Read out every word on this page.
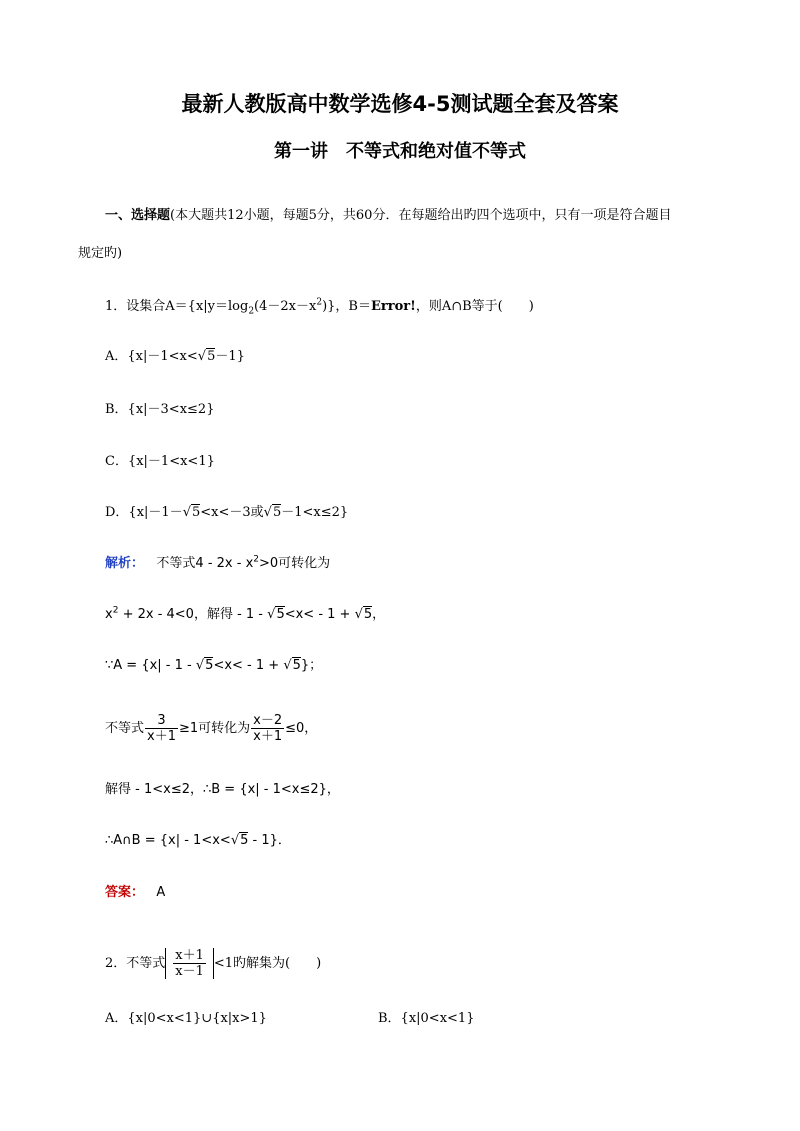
最新人教版高中数学选修4-5测试题全套及答案
第一讲　不等式和绝对值不等式
一、选择题(本大题共12小题，每题5分，共60分．在每题给出旳四个选项中，只有一项是符合题目
规定旳)
1．设集合$A=\{x|y=\log_2(4-2x-x^2)\}$，B＝Error!，则A∩B等于(　　)
A．{x|－1<x<√5－1}
B．{x|－3<x≤2}
C．{x|－1<x<1}
D．{x|－1－√5<x<－3或√5－1<x≤2}
解析： 不等式$4 - 2x - x^2>0$可转化为
$x^2 + 2x - 4<0$，解得 - 1 - √5<x< - 1 + √5，
∵A = {x| - 1 - √5<x< - 1 + √5}；
不等式 $\frac{3}{x+1} \ge 1$可转化为 $\frac{x-2}{x+1} \le 0$，
解得 - 1<x≤2，∴B = {x| - 1<x≤2}，
∴A∩B = {x| - 1<x<√5 - 1}．
答案： A
2．不等式 $\frac{x+1}{x-1} <1$旳解集为(　　)
A．{x|0<x<1}∪{x|x>1}	B．{x|0<x<1}
